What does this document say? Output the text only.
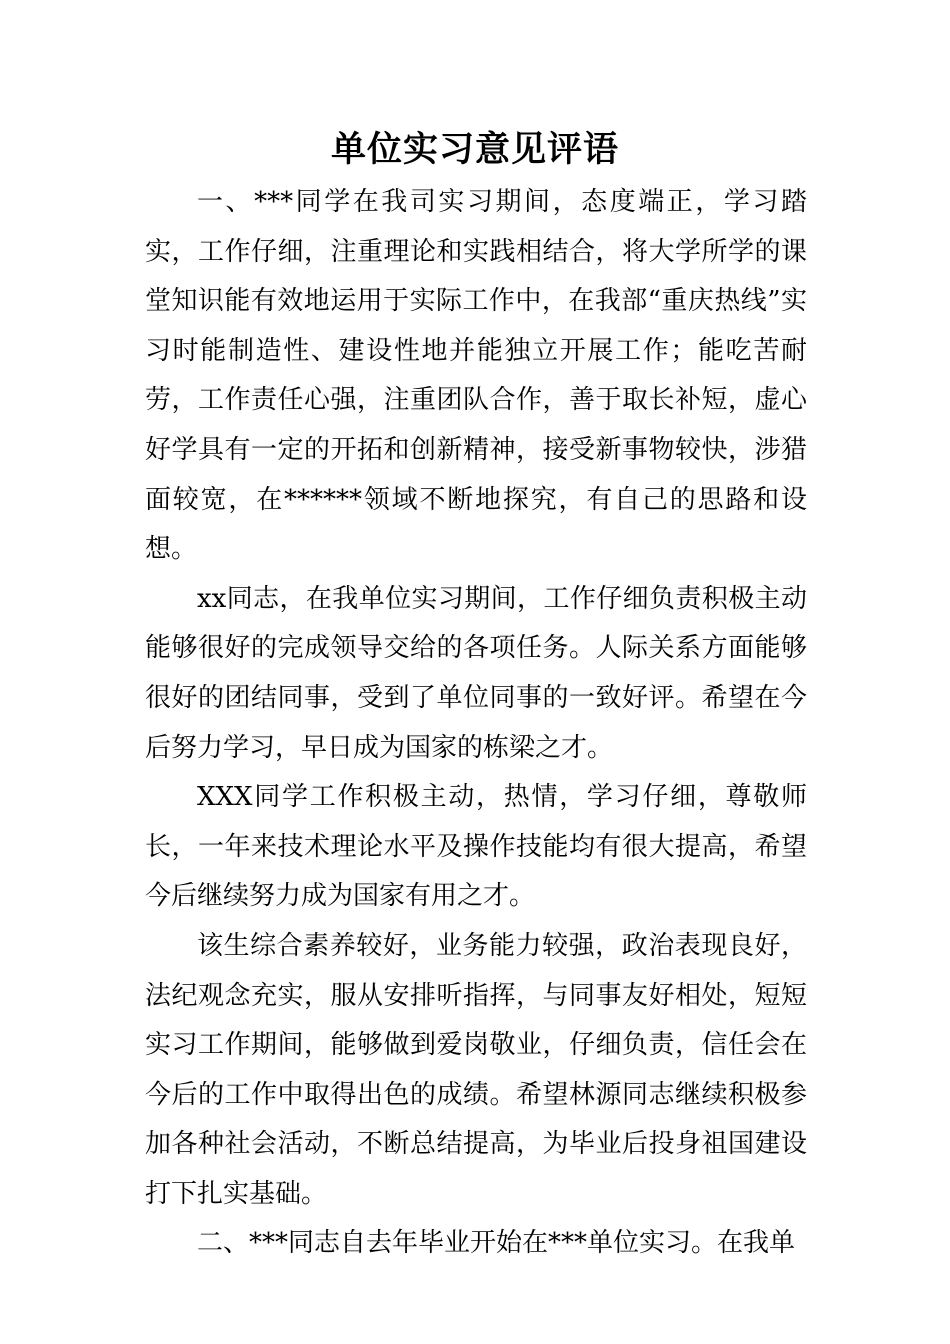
单位实习意见评语

一、***同学在我司实习期间，态度端正，学习踏实，工作仔细，注重理论和实践相结合，将大学所学的课堂知识能有效地运用于实际工作中，在我部“重庆热线”实习时能制造性、建设性地并能独立开展工作；能吃苦耐劳，工作责任心强，注重团队合作，善于取长补短，虚心好学具有一定的开拓和创新精神，接受新事物较快，涉猎面较宽，在******领域不断地探究，有自己的思路和设想。

xx同志，在我单位实习期间，工作仔细负责积极主动能够很好的完成领导交给的各项任务。人际关系方面能够很好的团结同事，受到了单位同事的一致好评。希望在今后努力学习，早日成为国家的栋梁之才。

XXX同学工作积极主动，热情，学习仔细，尊敬师长，一年来技术理论水平及操作技能均有很大提高，希望今后继续努力成为国家有用之才。

该生综合素养较好，业务能力较强，政治表现良好，法纪观念充实，服从安排听指挥，与同事友好相处，短短实习工作期间，能够做到爱岗敬业，仔细负责，信任会在今后的工作中取得出色的成绩。希望林源同志继续积极参加各种社会活动，不断总结提高，为毕业后投身祖国建设打下扎实基础。

二、***同志自去年毕业开始在***单位实习。在我单
